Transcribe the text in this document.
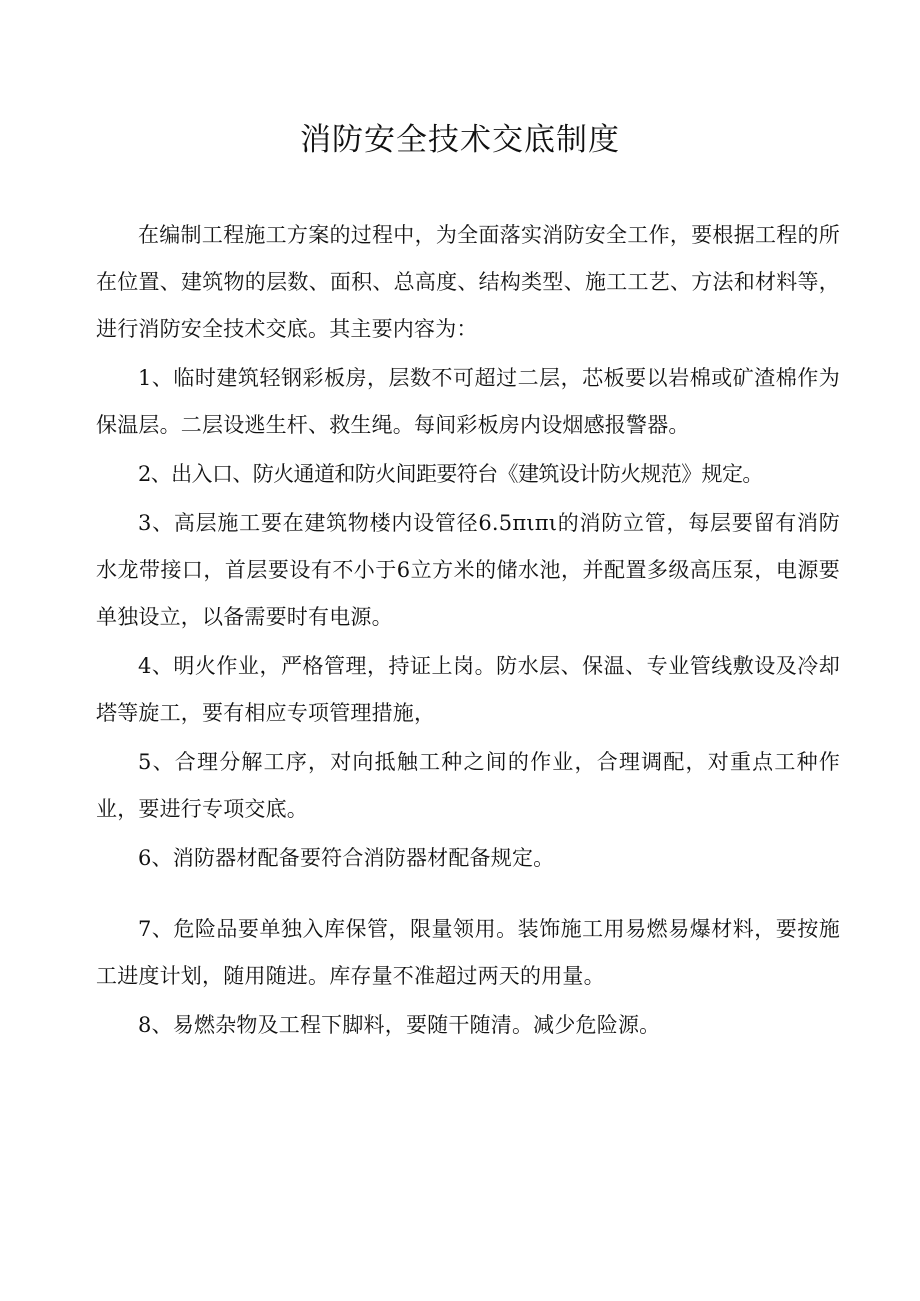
消防安全技术交底制度

在编制工程施工方案的过程中，为全面落实消防安全工作，要根据工程的所在位置、建筑物的层数、面积、总高度、结构类型、施工工艺、方法和材料等，进行消防安全技术交底。其主要内容为：

1、临时建筑轻钢彩板房，层数不可超过二层，芯板要以岩棉或矿渣棉作为保温层。二层设逃生杆、救生绳。每间彩板房内设烟感报警器。

2、出入口、防火通道和防火间距要符台《建筑设计防火规范》规定。

3、高层施工要在建筑物楼内设管径6.5πιπι的消防立管，每层要留有消防水龙带接口，首层要设有不小于6立方米的储水池，并配置多级高压泵，电源要单独设立，以备需要时有电源。

4、明火作业，严格管理，持证上岗。防水层、保温、专业管线敷设及冷却塔等旋工，要有相应专项管理措施，

5、合理分解工序，对向抵触工种之间的作业，合理调配，对重点工种作业，要进行专项交底。

6、消防器材配备要符合消防器材配备规定。

7、危险品要单独入库保管，限量领用。装饰施工用易燃易爆材料，要按施工进度计划，随用随进。库存量不准超过两天的用量。

8、易燃杂物及工程下脚料，要随干随清。减少危险源。
